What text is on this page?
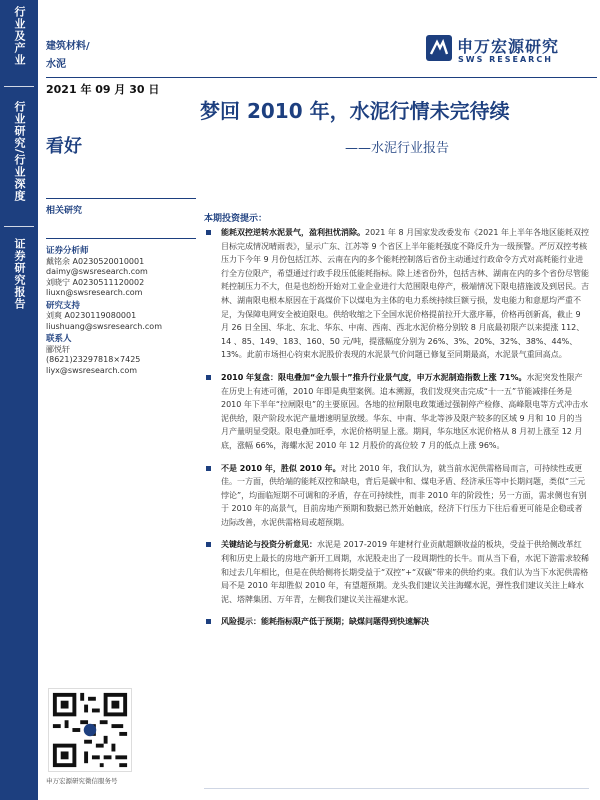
行业及产业
行业研究/行业深度
证券研究报告
建筑材料/
水泥
2021 年 09 月 30 日
看好
相关研究
证券分析师
戴铭余 A0230520010001
daimy@swsresearch.com
刘晓宁 A0230511120002
liuxn@swsresearch.com
研究支持
刘爽 A0230119080001
liushuang@swsresearch.com
联系人
郦悦轩
(8621)23297818×7425
liyx@swsresearch.com
申万宏源研究微信服务号
申万宏源研究
SWS RESEARCH
梦回 2010 年，水泥行情未完待续
——水泥行业报告
本期投资提示：
能耗双控逆转水泥景气，盈利担忧消除。2021 年 8 月国家发改委发布《2021 年上半年各地区能耗双控目标完成情况晴雨表》，显示广东、江苏等 9 个省区上半年能耗强度不降反升为一级预警。严厉双控考核压力下今年 9 月份包括江苏、云南在内的多个能耗控制落后省份主动通过行政命令方式对高耗能行业进行全方位限产，希望通过行政手段压低能耗指标。除上述省份外，包括吉林、湖南在内的多个省份尽管能耗控制压力不大，但是也纷纷开始对工业企业进行大范围限电停产，极端情况下限电措施波及到居民。吉林、湖南限电根本原因在于高煤价下以煤电为主体的电力系统持续巨额亏损，发电能力和意愿均严重不足，为保障电网安全被迫限电。供给收缩之下全国水泥价格提前拉开大涨序幕，价格再创新高，截止 9 月 26 日全国、华北、东北、华东、中南、西南、西北水泥价格分别较 8 月底最初限产以来提涨 112、14 、85、149、183、160、50 元/吨，提涨幅度分别为 26%、3%、20%、32%、38%、44%、13%。此前市场担心钧束水泥股价表现的水泥景气价问题已修复至同期最高，水泥景气重回高点。
2010 年复盘：限电叠加“金九银十”推升行业景气度，申万水泥制造指数上涨 71%。水泥突发性限产在历史上有迹可循，2010 年即是典型案例。追本溯源，我们发现突击完成“十一五”节能减排任务是 2010 年下半年“拉闸限电”的主要原因。各地的拉闸限电政策通过强制停产检修、高峰限电等方式冲击水泥供给，限产阶段水泥产量增速明显放缓。华东、中南、华北等涉及限产较多的区域 9 月和 10 月的当月产量明显受限。限电叠加旺季，水泥价格明显上涨。期间，华东地区水泥价格从 8 月初上涨至 12 月底，涨幅 66%，海螺水泥 2010 年 12 月股价的高位较 7 月的低点上涨 96%。
不是 2010 年，胜似 2010 年。对比 2010 年，我们认为，就当前水泥供需格局而言，可持续性或更佳。一方面，供给端的能耗双控和缺电，背后是碳中和、煤电矛盾、经济承压等中长期问题，类似“三元悖论”，均面临短期不可调和的矛盾，存在可持续性，而非 2010 年的阶段性；另一方面，需求侧也有别于 2010 年的高景气，目前房地产预期和数据已然开始触底，经济下行压力下往后看更可能是企稳或者边际改善，水泥供需格局或超预期。
关键结论与投资分析意见：水泥是 2017-2019 年建材行业贡献超额收益的板块，受益于供给侧改革红利和历史上最长的房地产新开工周期，水泥股走出了一段周期性的长牛。而从当下看，水泥下游需求较稀和过去几年相比，但是在供给侧将长期受益于“双控”+“双碳”带来的供给约束。我们认为当下水泥供需格局不是 2010 年却胜似 2010 年，有望超预期。龙头我们建议关注海螺水泥，弹性我们建议关注上峰水泥、塔牌集团、万年青，左侧我们建议关注福建水泥。
风险提示：能耗指标限产低于预期；缺煤问题得到快速解决
